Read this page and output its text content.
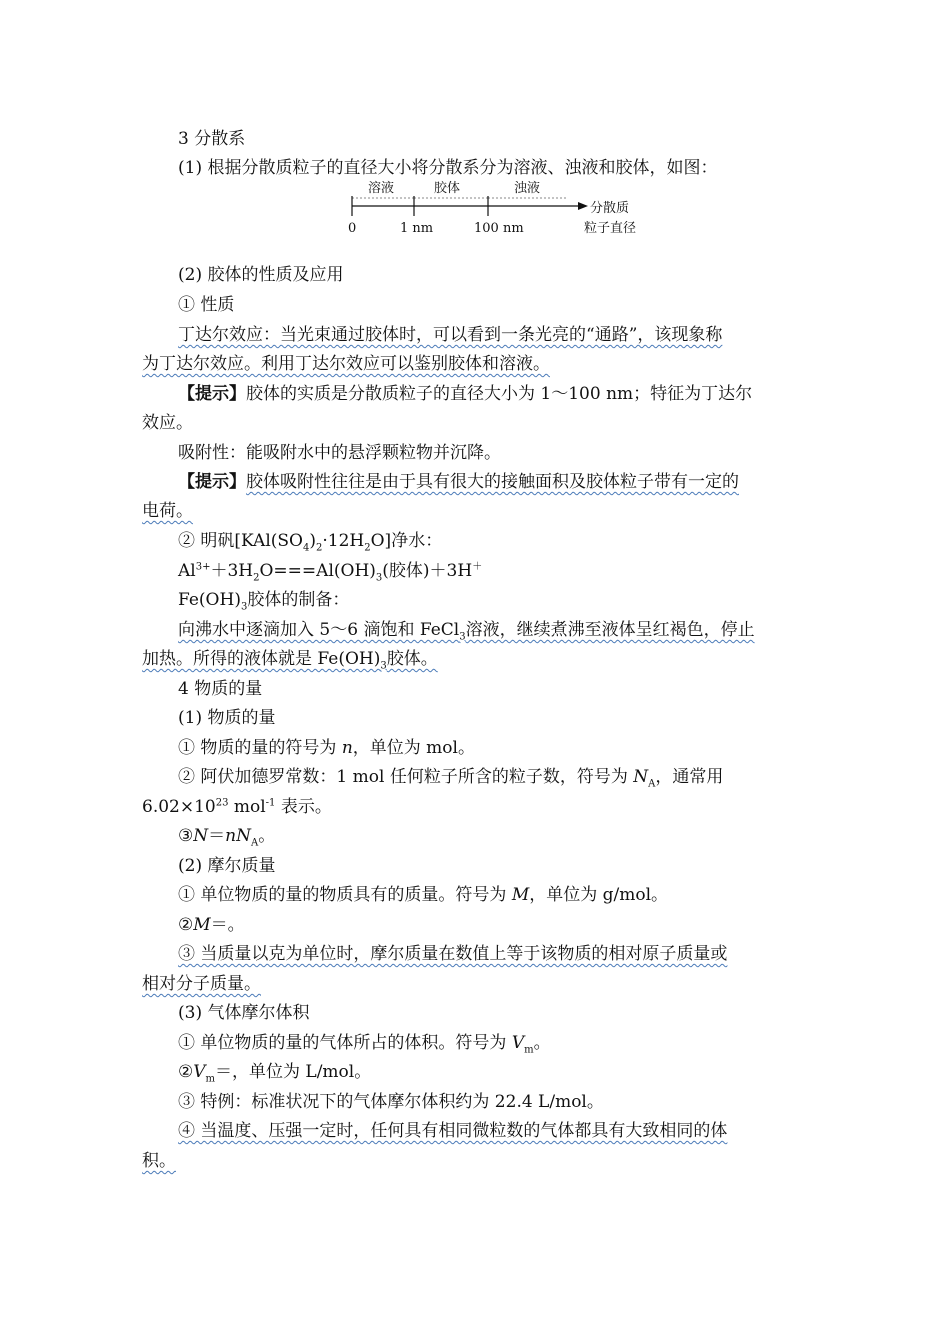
3 分散系
(1) 根据分散质粒子的直径大小将分散系分为溶液、浊液和胶体，如图：
溶液	胶体	浊液
0	1 nm	100 nm
分散质
粒子直径
(2) 胶体的性质及应用
① 性质
丁达尔效应：当光束通过胶体时，可以看到一条光亮的“通路”，该现象称
为丁达尔效应。利用丁达尔效应可以鉴别胶体和溶液。
【提示】胶体的实质是分散质粒子的直径大小为 1～100 nm；特征为丁达尔
效应。
吸附性：能吸附水中的悬浮颗粒物并沉降。
【提示】胶体吸附性往往是由于具有很大的接触面积及胶体粒子带有一定的
电荷。
② 明矾$[KAl(SO_4)_2\cdot 12H_2O]$净水：
$Al^{3+}+3H_2O===Al(OH)_3$(胶体)＋3H＋
$Fe(OH)_3$胶体的制备：
向沸水中逐滴加入 5～6 滴饱和 FeCl$_3$溶液，继续煮沸至液体呈红褐色，停止
加热。所得的液体就是 $Fe(OH)_3$胶体。
4 物质的量
(1) 物质的量
① 物质的量的符号为 n，单位为 mol。
② 阿伏加德罗常数：1 mol 任何粒子所含的粒子数，符号为 $N_A$，通常用
$6.02\times 10^{23}$ mol$^{-1}$ 表示。
$③N=nN_A$。
(2) 摩尔质量
① 单位物质的量的物质具有的质量。符号为 M，单位为 g/mol。
②M＝。
③ 当质量以克为单位时，摩尔质量在数值上等于该物质的相对原子质量或
相对分子质量。
(3) 气体摩尔体积
① 单位物质的量的气体所占的体积。符号为 $V_m$。
$②V_m=$，单位为 L/mol。
③ 特例：标准状况下的气体摩尔体积约为 22.4 L/mol。
④ 当温度、压强一定时，任何具有相同微粒数的气体都具有大致相同的体
积。
